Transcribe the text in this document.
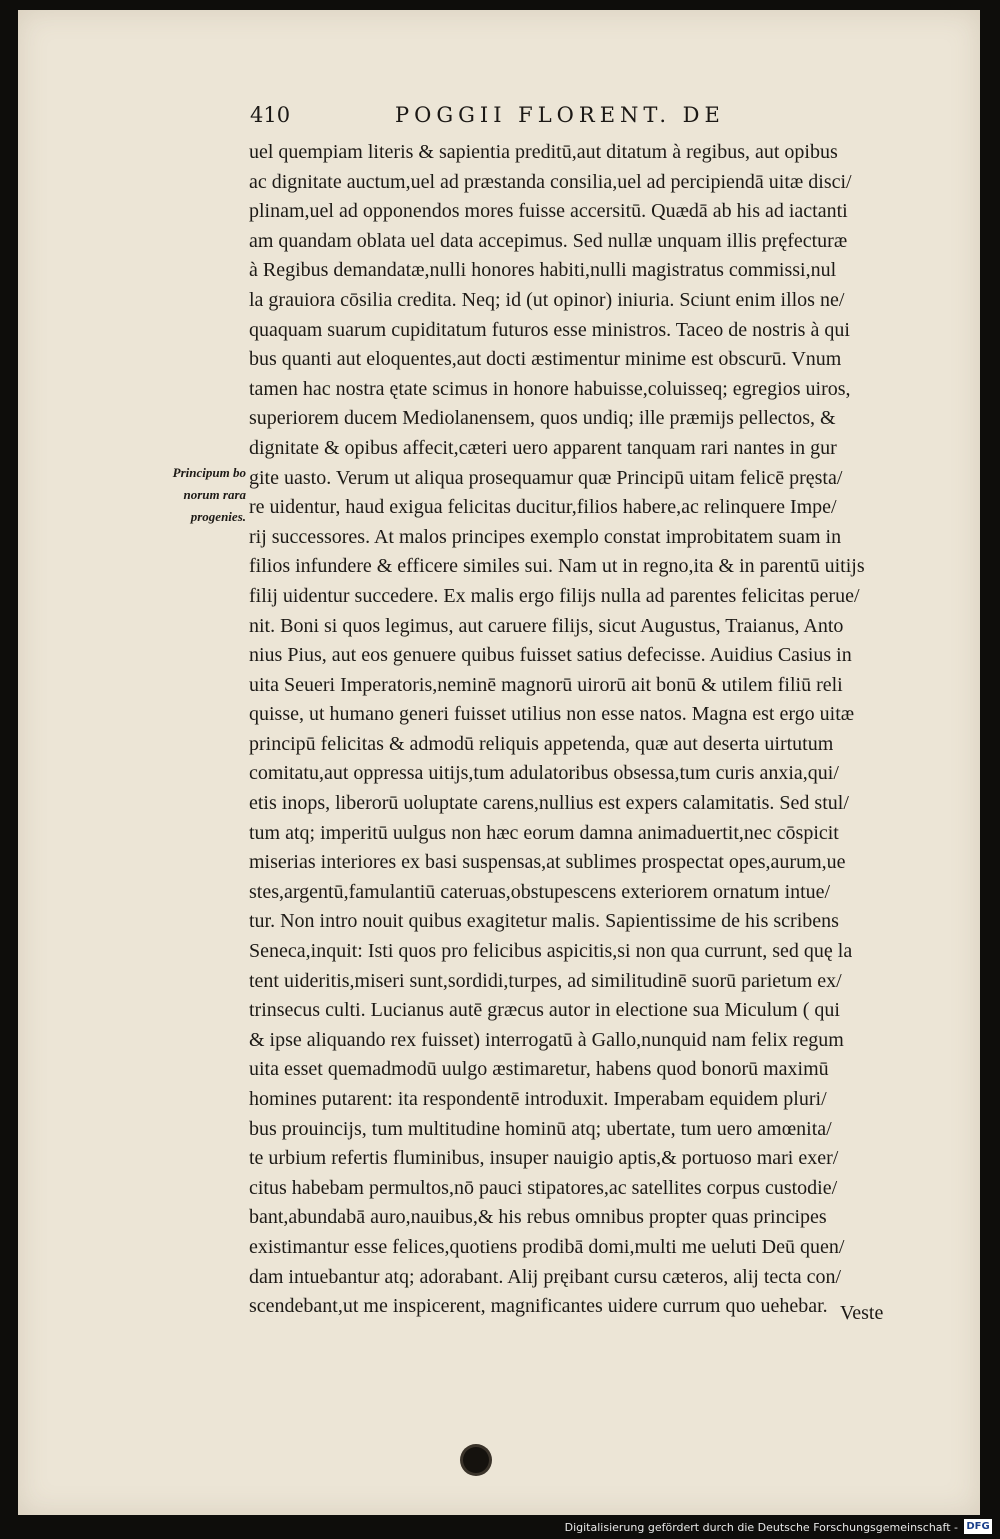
410	POGGII FLORENT. DE
Principum bo
norum rara
progenies.
uel quempiam literis & sapientia preditū,aut ditatum à regibus, aut opibus
ac dignitate auctum,uel ad præstanda consilia,uel ad percipiendā uitæ disci/
plinam,uel ad opponendos mores fuisse accersitū. Quædā ab his ad iactanti
am quandam oblata uel data accepimus. Sed nullæ unquam illis pręfecturæ
à Regibus demandatæ,nulli honores habiti,nulli magistratus commissi,nul
la grauiora cōsilia credita. Neq; id (ut opinor) iniuria. Sciunt enim illos ne/
quaquam suarum cupiditatum futuros esse ministros. Taceo de nostris à qui
bus quanti aut eloquentes,aut docti æstimentur minime est obscurū. Vnum
tamen hac nostra ętate scimus in honore habuisse,coluisseq; egregios uiros,
superiorem ducem Mediolanensem, quos undiq; ille præmijs pellectos, &
dignitate & opibus affecit,cæteri uero apparent tanquam rari nantes in gur
gite uasto. Verum ut aliqua prosequamur quæ Principū uitam felicē pręsta/
re uidentur, haud exigua felicitas ducitur,filios habere,ac relinquere Impe/
rij successores. At malos principes exemplo constat improbitatem suam in
filios infundere & efficere similes sui. Nam ut in regno,ita & in parentū uitijs
filij uidentur succedere. Ex malis ergo filijs nulla ad parentes felicitas perue/
nit. Boni si quos legimus, aut caruere filijs, sicut Augustus, Traianus, Anto
nius Pius, aut eos genuere quibus fuisset satius defecisse. Auidius Casius in
uita Seueri Imperatoris,neminē magnorū uirorū ait bonū & utilem filiū reli
quisse, ut humano generi fuisset utilius non esse natos. Magna est ergo uitæ
principū felicitas & admodū reliquis appetenda, quæ aut deserta uirtutum
comitatu,aut oppressa uitijs,tum adulatoribus obsessa,tum curis anxia,qui/
etis inops, liberorū uoluptate carens,nullius est expers calamitatis. Sed stul/
tum atq; imperitū uulgus non hæc eorum damna animaduertit,nec cōspicit
miserias interiores ex basi suspensas,at sublimes prospectat opes,aurum,ue
stes,argentū,famulantiū cateruas,obstupescens exteriorem ornatum intue/
tur. Non intro nouit quibus exagitetur malis. Sapientissime de his scribens
Seneca,inquit: Isti quos pro felicibus aspicitis,si non qua currunt, sed quę la
tent uideritis,miseri sunt,sordidi,turpes, ad similitudinē suorū parietum ex/
trinsecus culti. Lucianus autē græcus autor in electione sua Miculum ( qui
& ipse aliquando rex fuisset) interrogatū à Gallo,nunquid nam felix regum
uita esset quemadmodū uulgo æstimaretur, habens quod bonorū maximū
homines putarent: ita respondentē introduxit. Imperabam equidem pluri/
bus prouincijs, tum multitudine hominū atq; ubertate, tum uero amœnita/
te urbium refertis fluminibus, insuper nauigio aptis,& portuoso mari exer/
citus habebam permultos,nō pauci stipatores,ac satellites corpus custodie/
bant,abundabā auro,nauibus,& his rebus omnibus propter quas principes
existimantur esse felices,quotiens prodibā domi,multi me ueluti Deū quen/
dam intuebantur atq; adorabant. Alij pręibant cursu cæteros, alij tecta con/
scendebant,ut me inspicerent, magnificantes uidere currum quo uehebar. Veste
Digitalisierung gefördert durch die Deutsche Forschungsgemeinschaft - DFG
